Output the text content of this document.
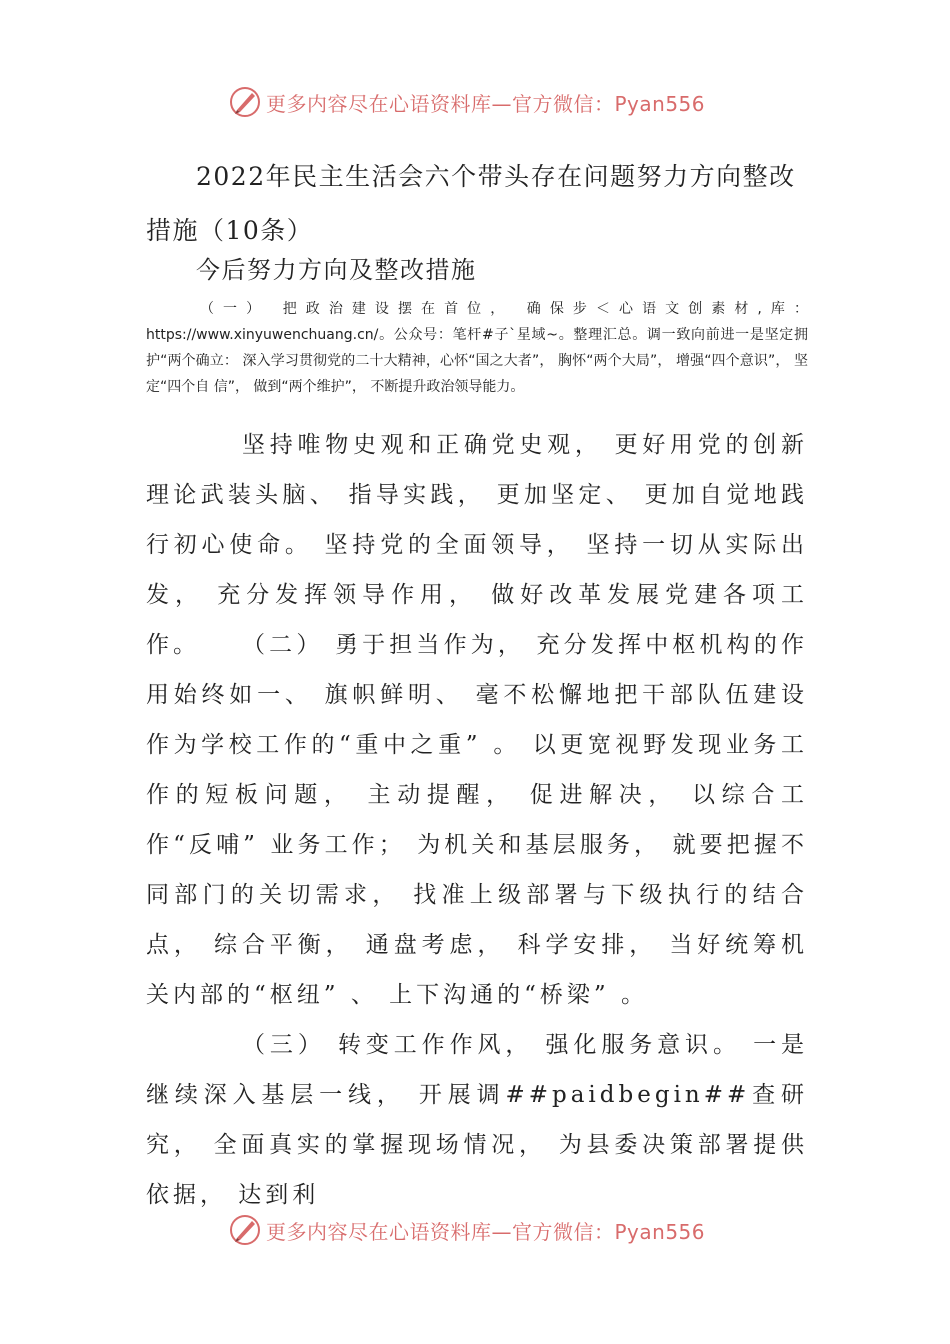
更多内容尽在心语资料库—官方微信：Pyan556
2022年民主生活会六个带头存在问题努力方向整改措施（10条）
今后努力方向及整改措施
（一） 把政治建设摆在首位， 确保步＜心语文创素材,库：https://www.xinyuwenchuang.cn/。公众号：笔杆#子`星域~。整理汇总。调一致向前进一是坚定拥护“两个确立： 深入学习贯彻党的二十大精神，心怀“国之大者”， 胸怀“两个大局”， 增强“四个意识”， 坚定“四个自 信”， 做到“两个维护”， 不断提升政治领导能力。
坚持唯物史观和正确党史观， 更好用党的创新理论武装头脑、 指导实践， 更加坚定、 更加自觉地践行初心使命。 坚持党的全面领导， 坚持一切从实际出发， 充分发挥领导作用， 做好改革发展党建各项工作。	（二） 勇于担当作为， 充分发挥中枢机构的作用始终如一、 旗帜鲜明、 毫不松懈地把干部队伍建设作为学校工作的“重中之重” 。 以更宽视野发现业务工作的短板问题， 主动提醒， 促进解决， 以综合工作“反哺” 业务工作； 为机关和基层服务， 就要把握不同部门的关切需求， 找准上级部署与下级执行的结合点， 综合平衡， 通盘考虑， 科学安排， 当好统筹机关内部的“枢纽” 、 上下沟通的“桥梁” 。
（三） 转变工作作风， 强化服务意识。 一是继续深入基层一线， 开展调##paidbegin##查研究， 全面真实的掌握现场情况， 为县委决策部署提供依据， 达到利
更多内容尽在心语资料库—官方微信：Pyan556
